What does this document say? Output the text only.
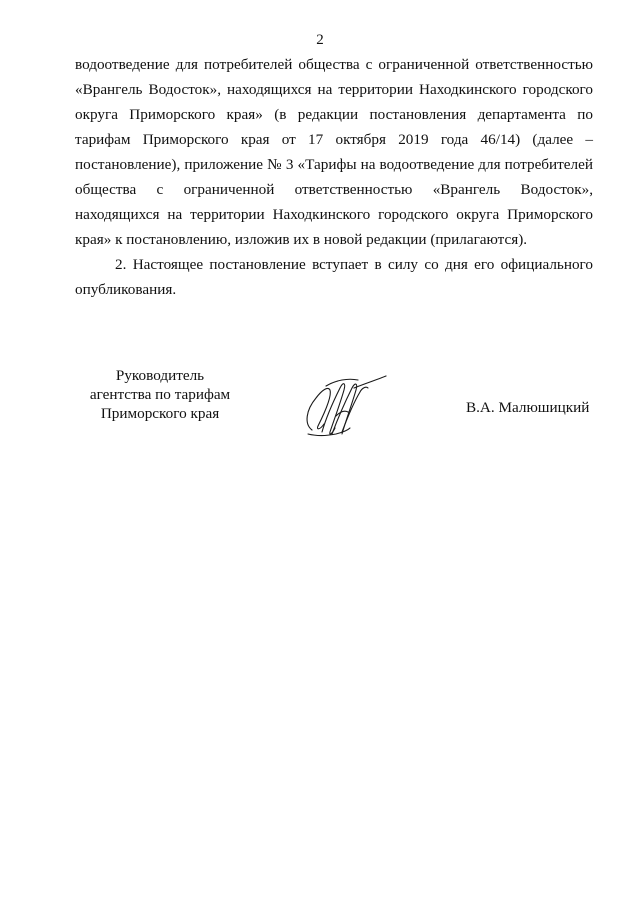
2
водоотведение для потребителей общества с ограниченной ответственностью
«Врангель Водосток», находящихся на территории Находкинского городского
округа Приморского края» (в редакции постановления департамента по
тарифам Приморского края от 17 октября 2019 года 46/14) (далее –
постановление), приложение № 3 «Тарифы на водоотведение для потребителей
общества с ограниченной ответственностью «Врангель Водосток»,
находящихся на территории Находкинского городского округа Приморского
края» к постановлению, изложив их в новой редакции (прилагаются).
2. Настоящее постановление вступает в силу со дня его официального
опубликования.
Руководитель
агентства по тарифам
Приморского края	В.А. Малюшицкий
